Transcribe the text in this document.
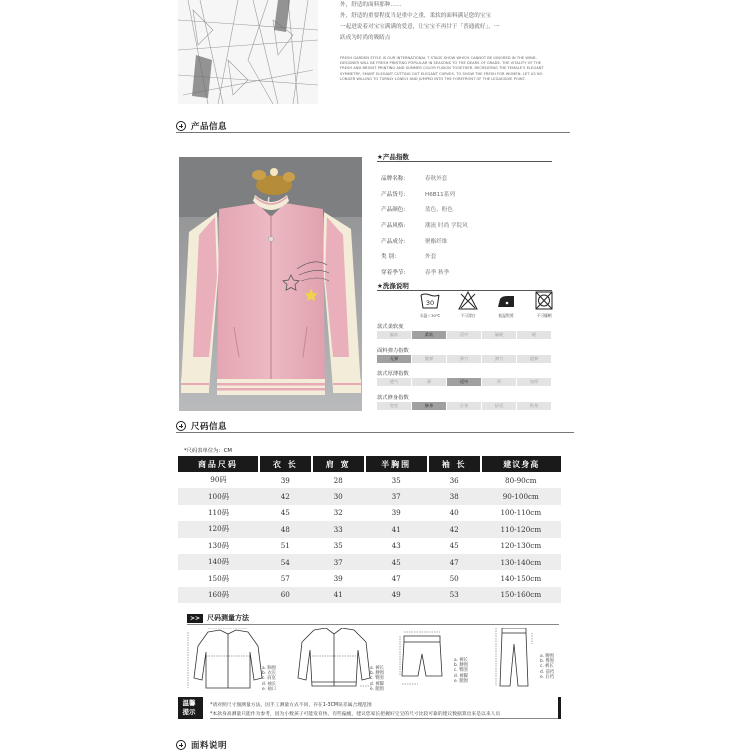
外，舒适的面料那种……
外，舒适的重要程度当是重中之重，柔软的面料满足您的宝宝
一起进说着对宝宝满满的爱意，让宝宝不再甘于「普通就好」，一
跃成为时尚的吸睛点
FRESH GARDEN STYLE IS OUR INTERNATIONAL T STAGE SHOW WHICH CANNOT BE IGNORED IN THE WIND. DESIGNER WILL BE FRESH PRINTING POPLULAR IN SEASONS TO THE DEARS OF GRADE. THE VITALITY OF THE FRESH AND BRIGHT PRINTING AND SUMMER COLOR FUSION TOGETHER. RECREATING THE FEMALE'S ELEGANT SYMMETRY, SMART ELEGANT CUTTING OUT ELEGANT CURVES. TO SHOW THE FRESH FOR WOMEN. LET US NO LONGER WILLING TO TURNLY LONELY AND JUMPED INTO THE FOREFRONT OF THE LEGAGGIVE POINT.
产品信息
★产品指数
品牌名称：	春秋外套
产品货号：	H6B11系列
产品颜色：	蓝色、粉色
产品风格：	潮流 时尚 学院风
产品成分：	聚酯纤维
类 别：	外套
穿着季节：	春季 秋季
★洗涤说明
30
水温＜30℃	不可漂白	低温熨烫	不可爆晒
款式柔软度
偏软	柔软	适中	偏硬	硬
面料弹力指数
无弹	微弹	弹力	弹力	超弹
款式厚薄指数
透气	薄	适中	厚	加厚
款式修身指数
宽松	修身	合身	舒适	贴身
尺码信息
*尺码表单位为：CM
商品尺码	衣 长	肩 宽	半胸围	袖 长	建议身高
90码	39	28	35	36	80-90cm
100码	42	30	37	38	90-100cm
110码	45	32	39	40	100-110cm
120码	48	33	41	42	110-120cm
130码	51	35	43	45	120-130cm
140码	54	37	45	47	130-140cm
150码	57	39	47	50	140-150cm
160码	60	41	49	53	150-160cm
>>	尺码测量方法
a. 胸围
b. 衣长
c. 肩宽
d. 袖长
e. 袖口
a. 裤长
b. 腰围
c. 臀围
d. 裤脚
e. 腿围
a. 裤长
b. 腰围
c. 臀围
d. 裤脚
e. 腿围
a. 腰围
b. 臀围
c. 裤长
d. 前裆
e. 后裆
温馨
提示
*请对照尺寸图测量方法，因手工测量方式不同，存在1-3CM误差属合理范围
*本款身高测量只能作为参考，因为小数孩子可能发育快，有些偏瘦，建议您家长把握好宝宝的尺寸比较可靠的建议数据算出来是以来人员
面料说明
